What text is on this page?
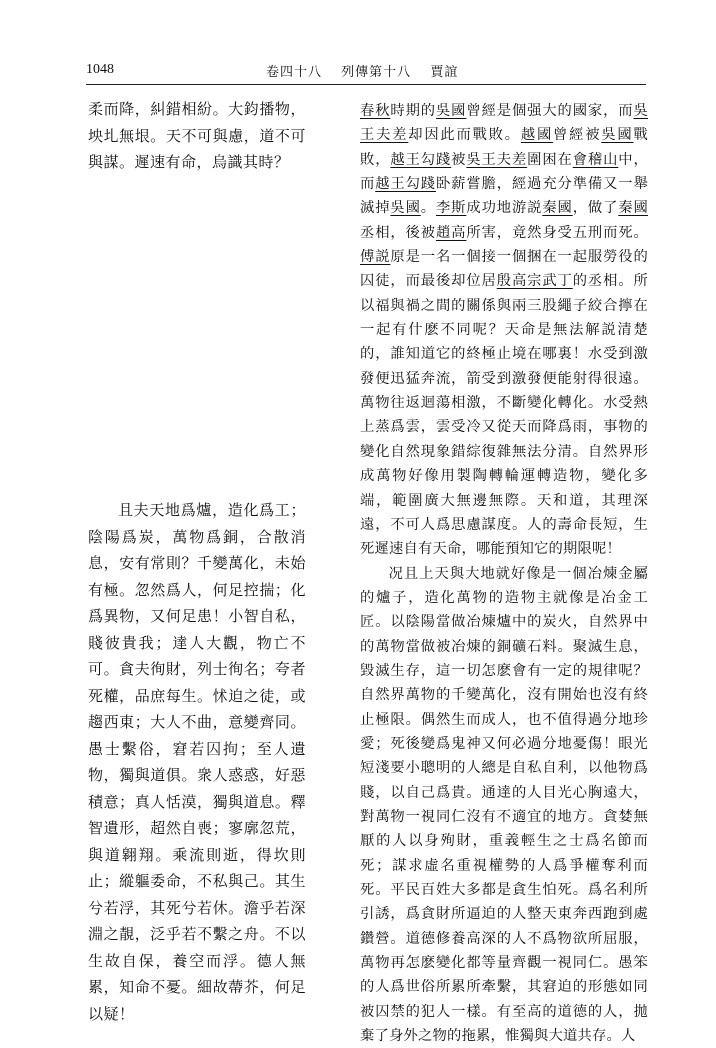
1048	卷四十八 列傳第十八 賈誼

柔而降，糾錯相紛。大鈞播物，坱圠無垠。天不可與慮，道不可與謀。遲速有命，烏識其時？

且夫天地爲爐，造化爲工；陰陽爲炭，萬物爲銅，合散消息，安有常則？千變萬化，未始有極。忽然爲人，何足控揣；化爲異物，又何足患！小智自私，賤彼貴我；達人大觀，物亡不可。貪夫徇財，列士徇名；夸者死權，品庶每生。怵迫之徒，或趨西東；大人不曲，意變齊同。愚士繫俗，窘若囚拘；至人遺物，獨與道俱。衆人惑惑，好惡積意；真人恬漠，獨與道息。釋智遺形，超然自喪；寥廓忽荒，與道翱翔。乘流則逝，得坎則止；縱軀委命，不私與己。其生兮若浮，其死兮若休。澹乎若深淵之靚，泛乎若不繫之舟。不以生故自保，養空而浮。德人無累，知命不憂。細故蔕芥，何足以疑！

春秋時期的吳國曾經是個强大的國家，而吳王夫差却因此而戰敗。越國曾經被吳國戰敗，越王勾踐被吳王夫差圍困在會稽山中，而越王勾踐卧薪嘗膽，經過充分準備又一舉滅掉吳國。李斯成功地游説秦國，做了秦國丞相，後被趙高所害，竟然身受五刑而死。傅説原是一名一個接一個捆在一起服勞役的囚徒，而最後却位居殷高宗武丁的丞相。所以福與禍之間的關係與兩三股繩子絞合擰在一起有什麽不同呢？天命是無法解説清楚的，誰知道它的終極止境在哪裏！水受到激發便迅猛奔流，箭受到激發便能射得很遠。萬物往返迴蕩相激，不斷變化轉化。水受熱上蒸爲雲，雲受冷又從天而降爲雨，事物的變化自然現象錯綜復雜無法分清。自然界形成萬物好像用製陶轉輪運轉造物，變化多端，範圍廣大無邊無際。天和道，其理深遠，不可人爲思慮謀度。人的壽命長短，生死遲速自有天命，哪能預知它的期限呢！

况且上天與大地就好像是一個冶煉金屬的爐子，造化萬物的造物主就像是冶金工匠。以陰陽當做冶煉爐中的炭火，自然界中的萬物當做被冶煉的銅礦石料。聚滅生息，毀滅生存，這一切怎麽會有一定的規律呢？自然界萬物的千變萬化，沒有開始也沒有終止極限。偶然生而成人，也不值得過分地珍愛；死後變爲鬼神又何必過分地憂傷！眼光短淺要小聰明的人總是自私自利，以他物爲賤，以自己爲貴。通達的人目光心胸遠大，對萬物一視同仁沒有不適宜的地方。貪婪無厭的人以身殉財，重義輕生之士爲名節而死；謀求虛名重視權勢的人爲爭權奪利而死。平民百姓大多都是貪生怕死。爲名利所引誘，爲貪財所逼迫的人整天東奔西跑到處鑽營。道德修養高深的人不爲物欲所屈服，萬物再怎麽變化都等量齊觀一視同仁。愚笨的人爲世俗所累所牽繫，其窘迫的形態如同被囚禁的犯人一樣。有至高的道德的人，拋棄了身外之物的拖累，惟獨與大道共存。人
